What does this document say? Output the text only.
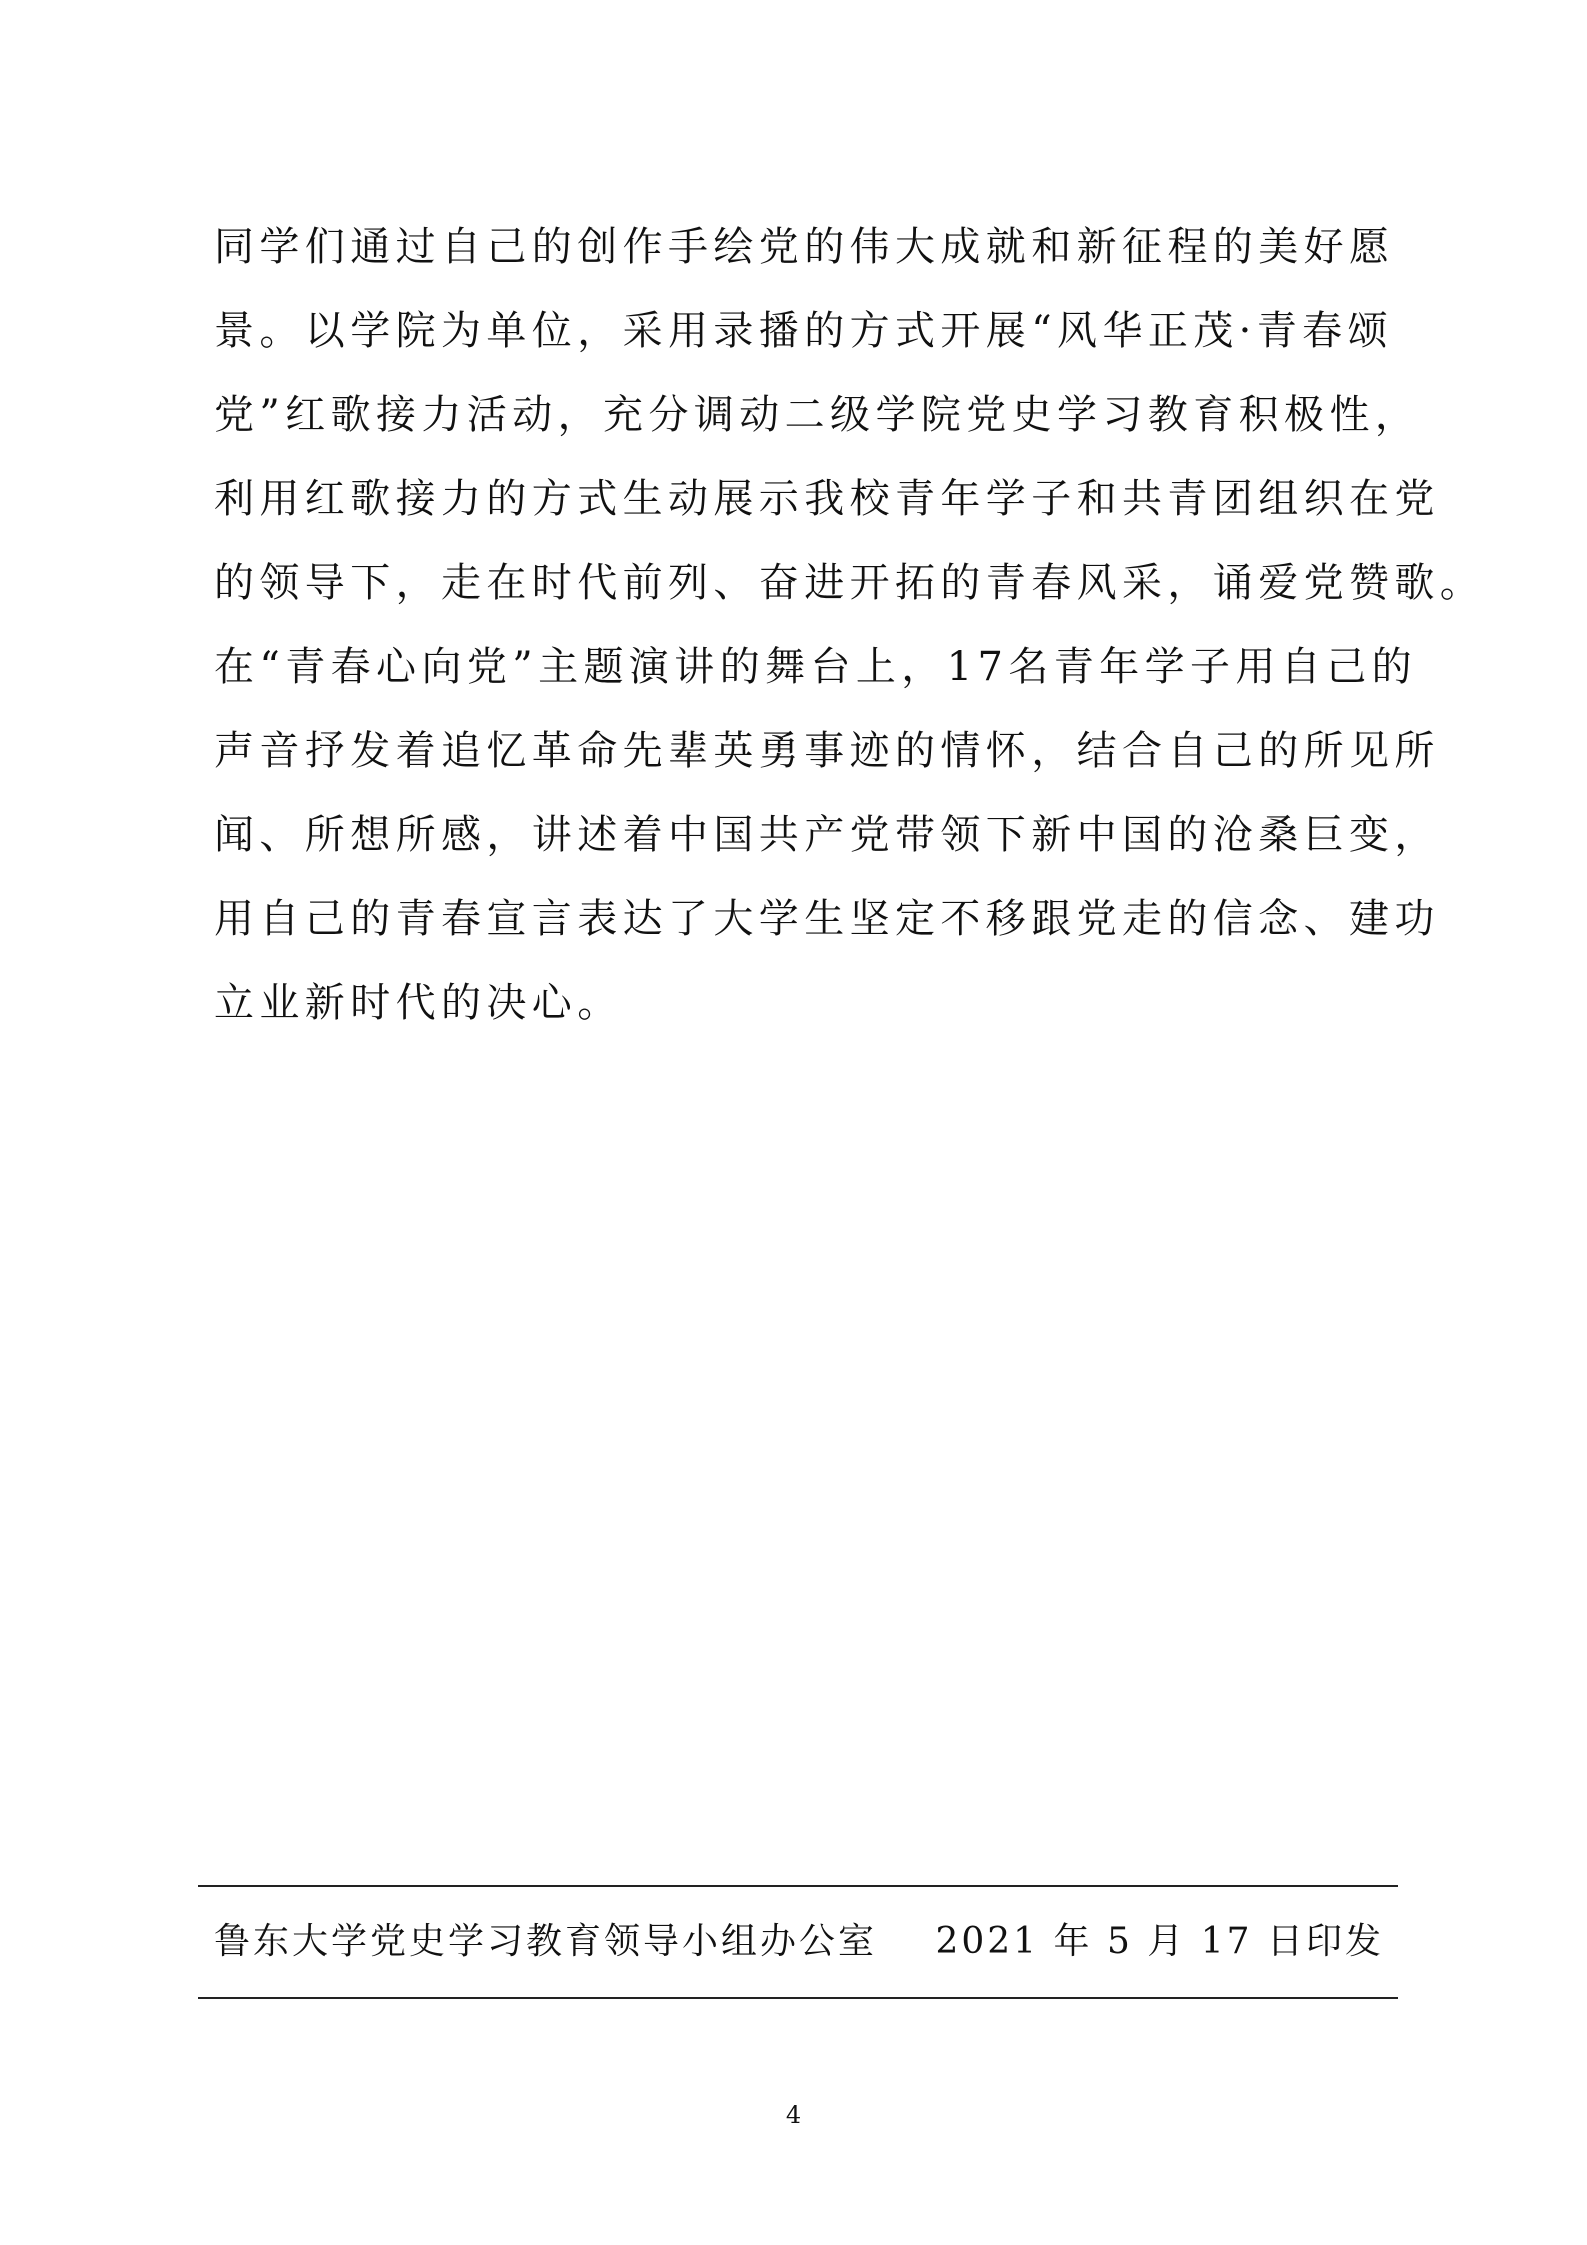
同学们通过自己的创作手绘党的伟大成就和新征程的美好愿
景。以学院为单位，采用录播的方式开展“风华正茂·青春颂
党”红歌接力活动，充分调动二级学院党史学习教育积极性，
利用红歌接力的方式生动展示我校青年学子和共青团组织在党
的领导下，走在时代前列、奋进开拓的青春风采，诵爱党赞歌。
在“青春心向党”主题演讲的舞台上，17名青年学子用自己的
声音抒发着追忆革命先辈英勇事迹的情怀，结合自己的所见所
闻、所想所感，讲述着中国共产党带领下新中国的沧桑巨变，
用自己的青春宣言表达了大学生坚定不移跟党走的信念、建功
立业新时代的决心。
鲁东大学党史学习教育领导小组办公室 2021 年 5 月 17 日印发
4
